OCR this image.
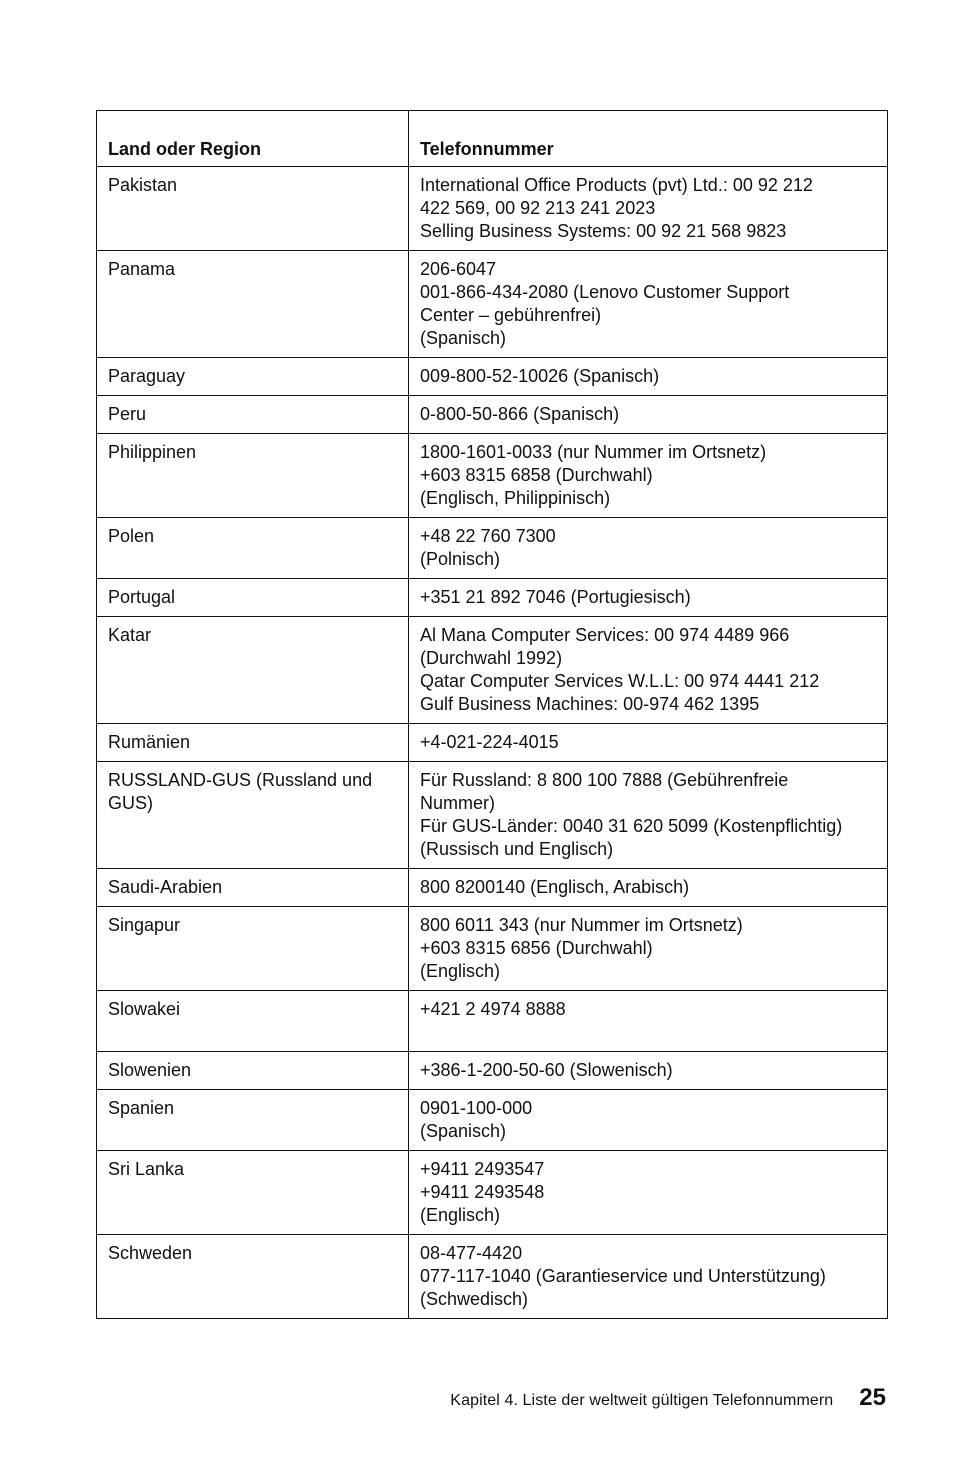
Land oder Region	Telefonnummer
Pakistan	International Office Products (pvt) Ltd.: 00 92 212
422 569, 00 92 213 241 2023
Selling Business Systems: 00 92 21 568 9823

Panama	206-6047
001-866-434-2080 (Lenovo Customer Support
Center – gebührenfrei)
(Spanisch)

Paraguay	009-800-52-10026 (Spanisch)

Peru	0-800-50-866 (Spanisch)

Philippinen	1800-1601-0033 (nur Nummer im Ortsnetz)
+603 8315 6858 (Durchwahl)
(Englisch, Philippinisch)

Polen	+48 22 760 7300
(Polnisch)

Portugal	+351 21 892 7046 (Portugiesisch)

Katar	Al Mana Computer Services: 00 974 4489 966
(Durchwahl 1992)
Qatar Computer Services W.L.L: 00 974 4441 212
Gulf Business Machines: 00-974 462 1395

Rumänien	+4-021-224-4015

RUSSLAND-GUS (Russland und GUS)	Für Russland: 8 800 100 7888 (Gebührenfreie
Nummer)
Für GUS-Länder: 0040 31 620 5099 (Kostenpflichtig)
(Russisch und Englisch)

Saudi-Arabien	800 8200140 (Englisch, Arabisch)

Singapur	800 6011 343 (nur Nummer im Ortsnetz)
+603 8315 6856 (Durchwahl)
(Englisch)

Slowakei	+421 2 4974 8888

Slowenien	+386-1-200-50-60 (Slowenisch)

Spanien	0901-100-000
(Spanisch)

Sri Lanka	+9411 2493547
+9411 2493548
(Englisch)

Schweden	08-477-4420
077-117-1040 (Garantieservice und Unterstützung)
(Schwedisch)
Kapitel 4. Liste der weltweit gültigen Telefonnummern 25
